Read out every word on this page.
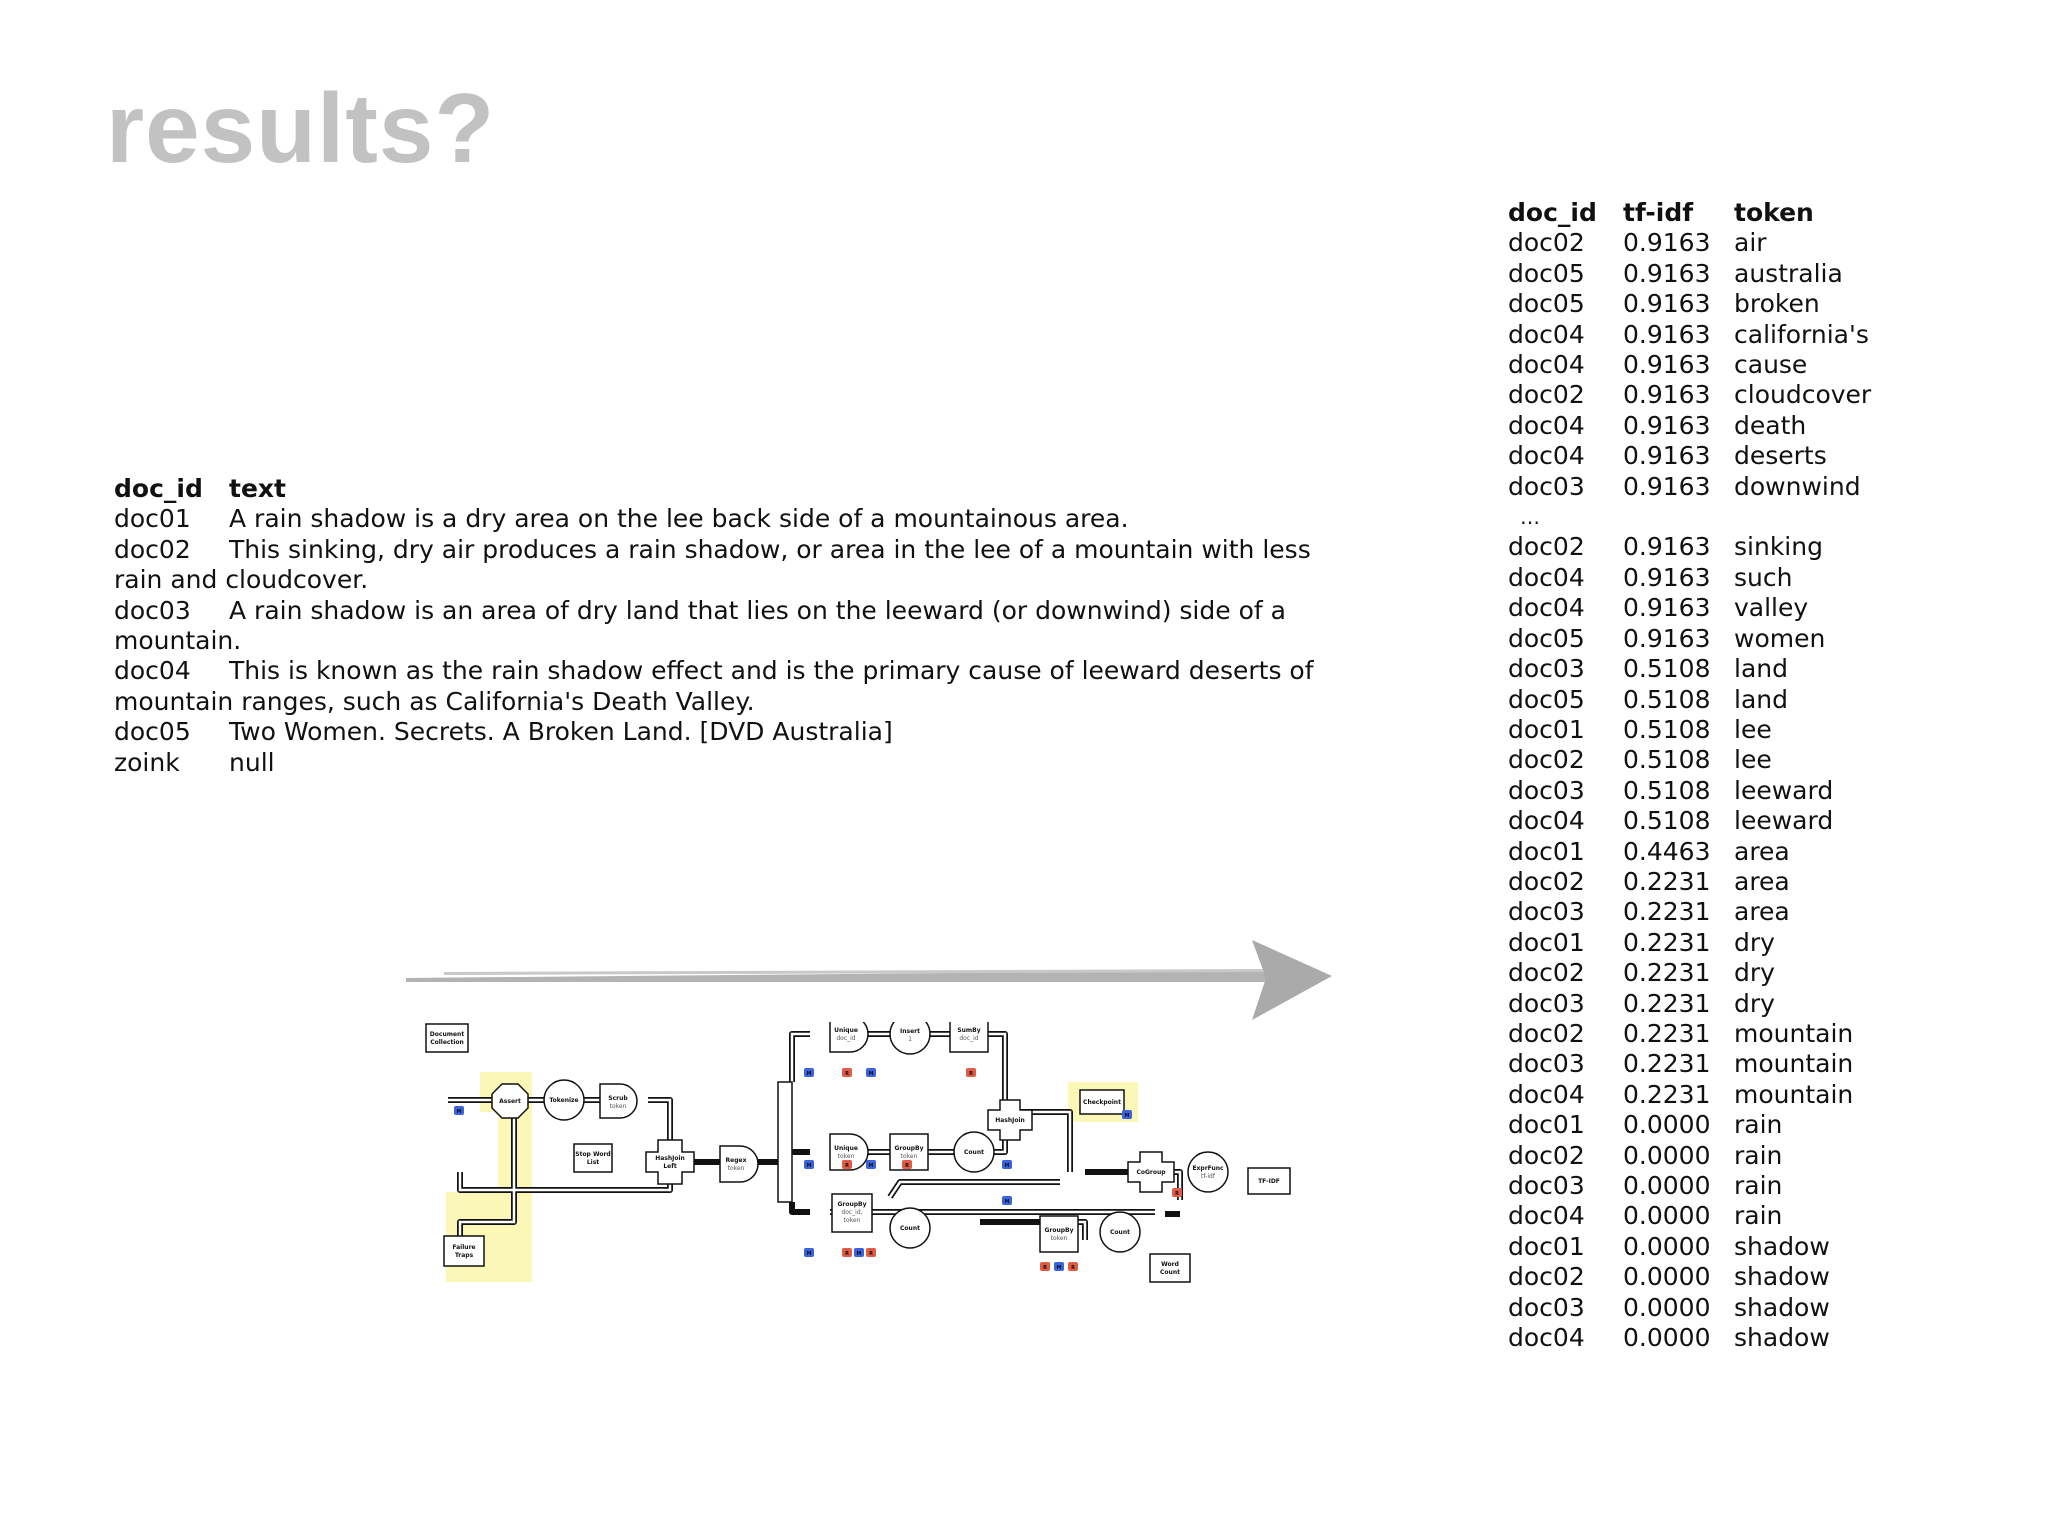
results?
doc_id text
doc01 A rain shadow is a dry area on the lee back side of a mountainous area.
doc02 This sinking, dry air produces a rain shadow, or area in the lee of a mountain with less rain and cloudcover.
doc03 A rain shadow is an area of dry land that lies on the leeward (or downwind) side of a mountain.
doc04 This is known as the rain shadow effect and is the primary cause of leeward deserts of mountain ranges, such as California's Death Valley.
doc05 Two Women. Secrets. A Broken Land. [DVD Australia]
zoink null
doc_id	tf-idf	token
doc02	0.9163	air
doc05	0.9163	australia
doc05	0.9163	broken
doc04	0.9163	california's
doc04	0.9163	cause
doc02	0.9163	cloudcover
doc04	0.9163	death
doc04	0.9163	deserts
doc03	0.9163	downwind
…		
doc02	0.9163	sinking
doc04	0.9163	such
doc04	0.9163	valley
doc05	0.9163	women
doc03	0.5108	land
doc05	0.5108	land
doc01	0.5108	lee
doc02	0.5108	lee
doc03	0.5108	leeward
doc04	0.5108	leeward
doc01	0.4463	area
doc02	0.2231	area
doc03	0.2231	area
doc01	0.2231	dry
doc02	0.2231	dry
doc03	0.2231	dry
doc02	0.2231	mountain
doc03	0.2231	mountain
doc04	0.2231	mountain
doc01	0.0000	rain
doc02	0.0000	rain
doc03	0.0000	rain
doc04	0.0000	rain
doc01	0.0000	shadow
doc02	0.0000	shadow
doc03	0.0000	shadow
doc04	0.0000	shadow
Document
Collection
Assert
Failure
Traps
Tokenize	Scrub
token
Stop Word
List
HashJoin
Left
Regex
token
Unique
doc_id
Insert
1
SumBy
doc_id
HashJoin
Checkpoint
Unique
token
GroupBy
token
Count
CoGroup
ExprFunc
tf-idf
TF-IDF
GroupBy
doc_id,
token
Count	GroupBy
token
Count
Word
Count
M
M	R	M	R
M
M	R	M	R	M
R
M
M	R M R
R M R
